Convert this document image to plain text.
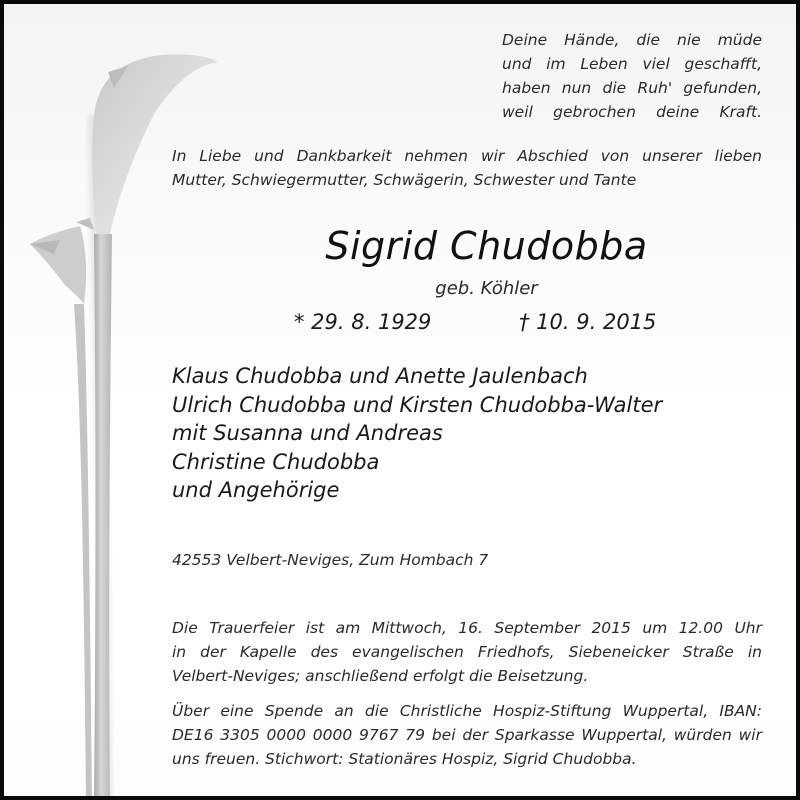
Deine Hände, die nie müde
und im Leben viel geschafft,
haben nun die Ruh' gefunden,
weil gebrochen deine Kraft.
In Liebe und Dankbarkeit nehmen wir Abschied von unserer lieben
Mutter, Schwiegermutter, Schwägerin, Schwester und Tante
Sigrid Chudobba
geb. Köhler
* 29. 8. 1929	† 10. 9. 2015
Klaus Chudobba und Anette Jaulenbach
Ulrich Chudobba und Kirsten Chudobba-Walter
mit Susanna und Andreas
Christine Chudobba
und Angehörige
42553 Velbert-Neviges, Zum Hombach 7
Die Trauerfeier ist am Mittwoch, 16. September 2015 um 12.00 Uhr
in der Kapelle des evangelischen Friedhofs, Siebeneicker Straße in
Velbert-Neviges; anschließend erfolgt die Beisetzung.
Über eine Spende an die Christliche Hospiz-Stiftung Wuppertal, IBAN:
DE16 3305 0000 0000 9767 79 bei der Sparkasse Wuppertal, würden wir
uns freuen. Stichwort: Stationäres Hospiz, Sigrid Chudobba.
